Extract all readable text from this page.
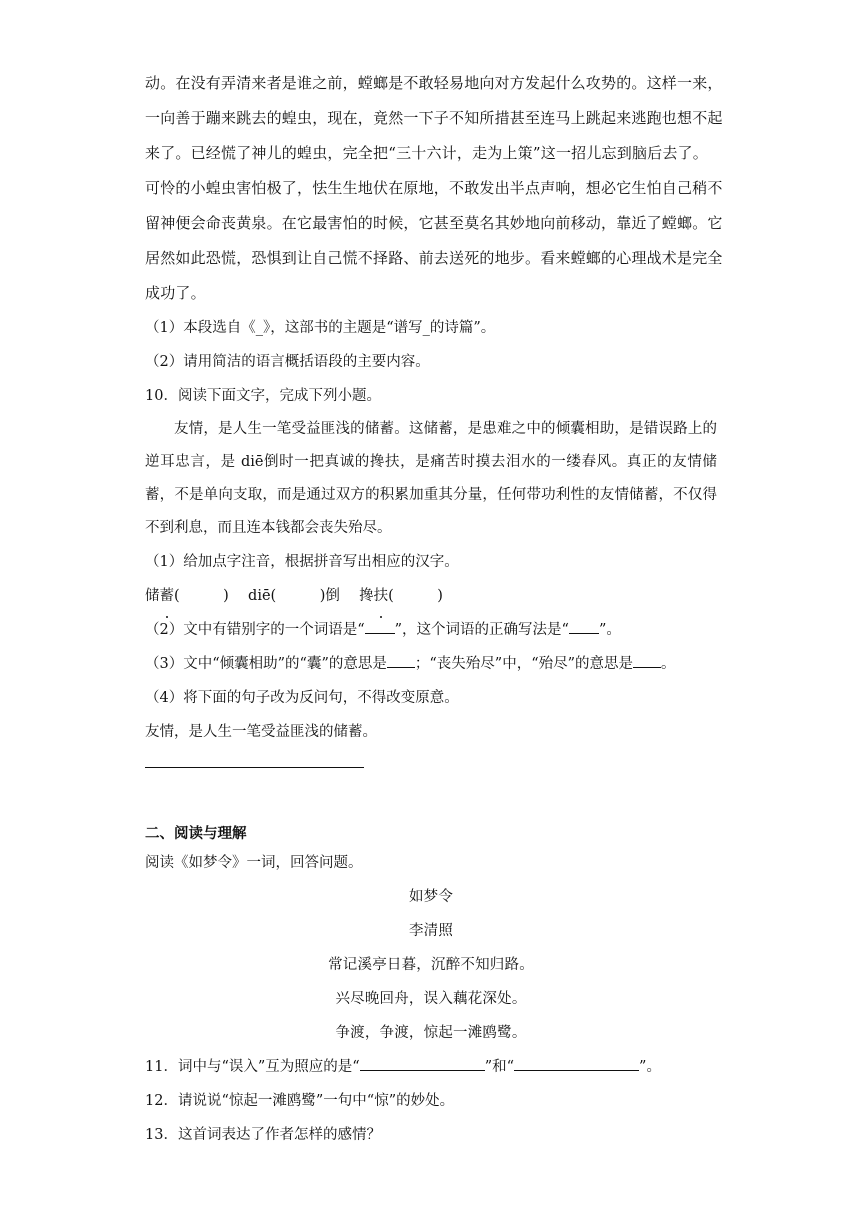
动。在没有弄清来者是谁之前，螳螂是不敢轻易地向对方发起什么攻势的。这样一来，
一向善于蹦来跳去的蝗虫，现在，竟然一下子不知所措甚至连马上跳起来逃跑也想不起
来了。已经慌了神儿的蝗虫，完全把“三十六计，走为上策”这一招儿忘到脑后去了。
可怜的小蝗虫害怕极了，怯生生地伏在原地，不敢发出半点声响，想必它生怕自己稍不
留神便会命丧黄泉。在它最害怕的时候，它甚至莫名其妙地向前移动，靠近了螳螂。它
居然如此恐慌，恐惧到让自己慌不择路、前去送死的地步。看来螳螂的心理战术是完全
成功了。
（1）本段选自《_》，这部书的主题是“谱写_的诗篇”。
（2）请用简洁的语言概括语段的主要内容。
10．阅读下面文字，完成下列小题。
友情，是人生一笔受益匪浅的储蓄。这储蓄，是患难之中的倾囊相助，是错误路上的逆耳忠言，是 diē倒时一把真诚的搀扶，是痛苦时摸去泪水的一缕春风。真正的友情储蓄，不是单向支取，而是通过双方的积累加重其分量，任何带功利性的友情储蓄，不仅得不到利息，而且连本钱都会丧失殆尽。
（1）给加点字注音，根据拼音写出相应的汉字。
储蓄(　　　) diē(　　　)倒 搀扶(　　　)
（2）文中有错别字的一个词语是“ ”，这个词语的正确写法是“ ”。
（3）文中“倾囊相助”的“囊”的意思是 ；“丧失殆尽”中，“殆尽”的意思是 。
（4）将下面的句子改为反问句，不得改变原意。
友情，是人生一笔受益匪浅的储蓄。
二、阅读与理解
阅读《如梦令》一词，回答问题。
如梦令
李清照
常记溪亭日暮，沉醉不知归路。
兴尽晚回舟，误入藕花深处。
争渡，争渡，惊起一滩鸥鹭。
11．词中与“误入”互为照应的是“	”和“	”。
12．请说说“惊起一滩鸥鹭”一句中“惊”的妙处。
13．这首词表达了作者怎样的感情？
